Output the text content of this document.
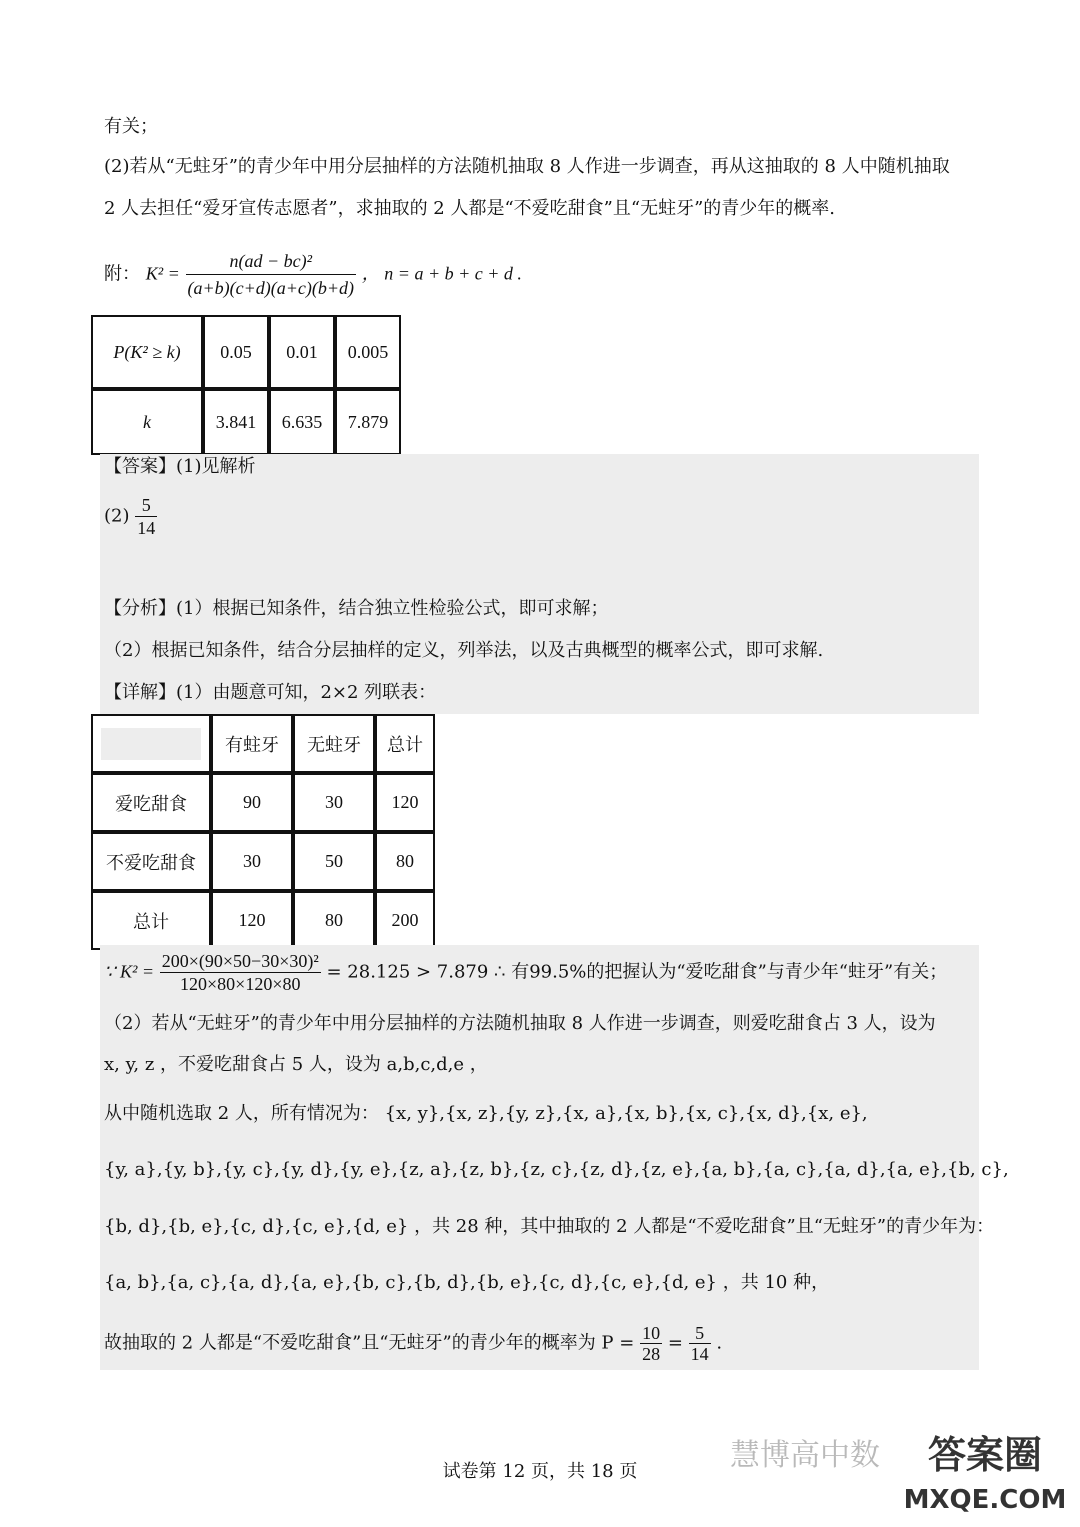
有关；
(2)若从“无蛀牙”的青少年中用分层抽样的方法随机抽取 8 人作进一步调查，再从这抽取的 8 人中随机抽取
2 人去担任“爱牙宣传志愿者”，求抽取的 2 人都是“不爱吃甜食”且“无蛀牙”的青少年的概率.
附： $K^2 = \frac{\text{n(ad − bc)²}}{(a+b)(c+d)(a+c)(b+d)}$ ， n = a + b + c + d .
P(K² ≥ k)	0.05	0.01	0.005
k	3.841	6.635	7.879
【答案】(1)见解析
$(2) \frac{5}{14}$
【分析】(1）根据已知条件，结合独立性检验公式，即可求解；
（2）根据已知条件，结合分层抽样的定义，列举法，以及古典概型的概率公式，即可求解.
【详解】(1）由题意可知，2×2 列联表：
	有蛀牙	无蛀牙	总计
爱吃甜食	90	30	120
不爱吃甜食	30	50	80
总计	120	80	200
∵ $K^2 = \frac{\text{200×(90×50−30×30)²}}{120\times 80\times 120\times 80} = 28.125 > 7.879$ ∴ 有99.5%的把握认为“爱吃甜食”与青少年“蛀牙”有关；
（2）若从“无蛀牙”的青少年中用分层抽样的方法随机抽取 8 人作进一步调查，则爱吃甜食占 3 人，设为
x, y, z ，不爱吃甜食占 5 人，设为 a,b,c,d,e ，
从中随机选取 2 人，所有情况为： {x, y},{x, z},{y, z},{x, a},{x, b},{x, c},{x, d},{x, e},
{y, a},{y, b},{y, c},{y, d},{y, e},{z, a},{z, b},{z, c},{z, d},{z, e},{a, b},{a, c},{a, d},{a, e},{b, c},
{b, d},{b, e},{c, d},{c, e},{d, e} ，共 28 种，其中抽取的 2 人都是“不爱吃甜食”且“无蛀牙”的青少年为：
{a, b},{a, c},{a, d},{a, e},{b, c},{b, d},{b, e},{c, d},{c, e},{d, e} ，共 10 种，
故抽取的 2 人都是“不爱吃甜食”且“无蛀牙”的青少年的概率为 $P = \frac{10}{28} = \frac{5}{14}$ .
试卷第 12 页，共 18 页	慧博高中数 答案圈
MXQE.COM
